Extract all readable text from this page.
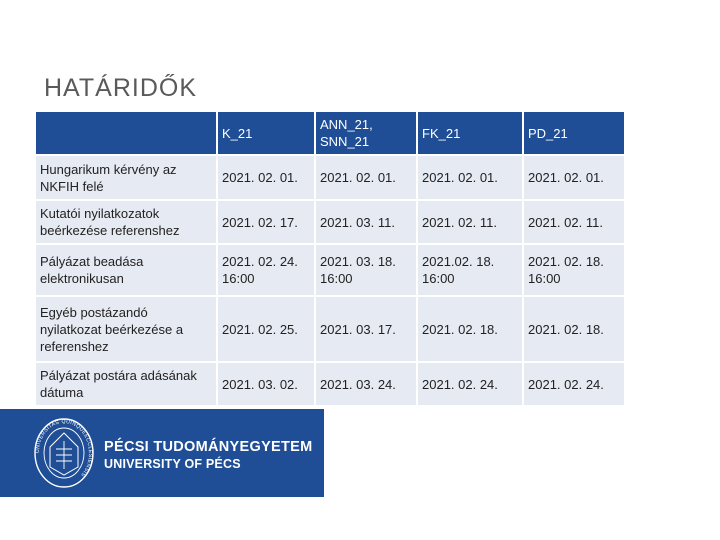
HATÁRIDŐK
	K_21	ANN_21, SNN_21	FK_21	PD_21
Hungarikum kérvény az NKFIH felé	2021. 02. 01.	2021. 02. 01.	2021. 02. 01.	2021. 02. 01.
Kutatói nyilatkozatok beérkezése referenshez	2021. 02. 17.	2021. 03. 11.	2021. 02. 11.	2021. 02. 11.
Pályázat beadása elektronikusan	2021. 02. 24. 16:00	2021. 03. 18. 16:00	2021.02. 18. 16:00	2021. 02. 18. 16:00
Egyéb postázandó nyilatkozat beérkezése a referenshez	2021. 02. 25.	2021. 03. 17.	2021. 02. 18.	2021. 02. 18.
Pályázat postára adásának dátuma	2021. 03. 02.	2021. 03. 24.	2021. 02. 24.	2021. 02. 24.
UNIVERSITAS QUINQUEECCLESIENSIS
PÉCSI TUDOMÁNYEGYETEM
UNIVERSITY OF PÉCS
